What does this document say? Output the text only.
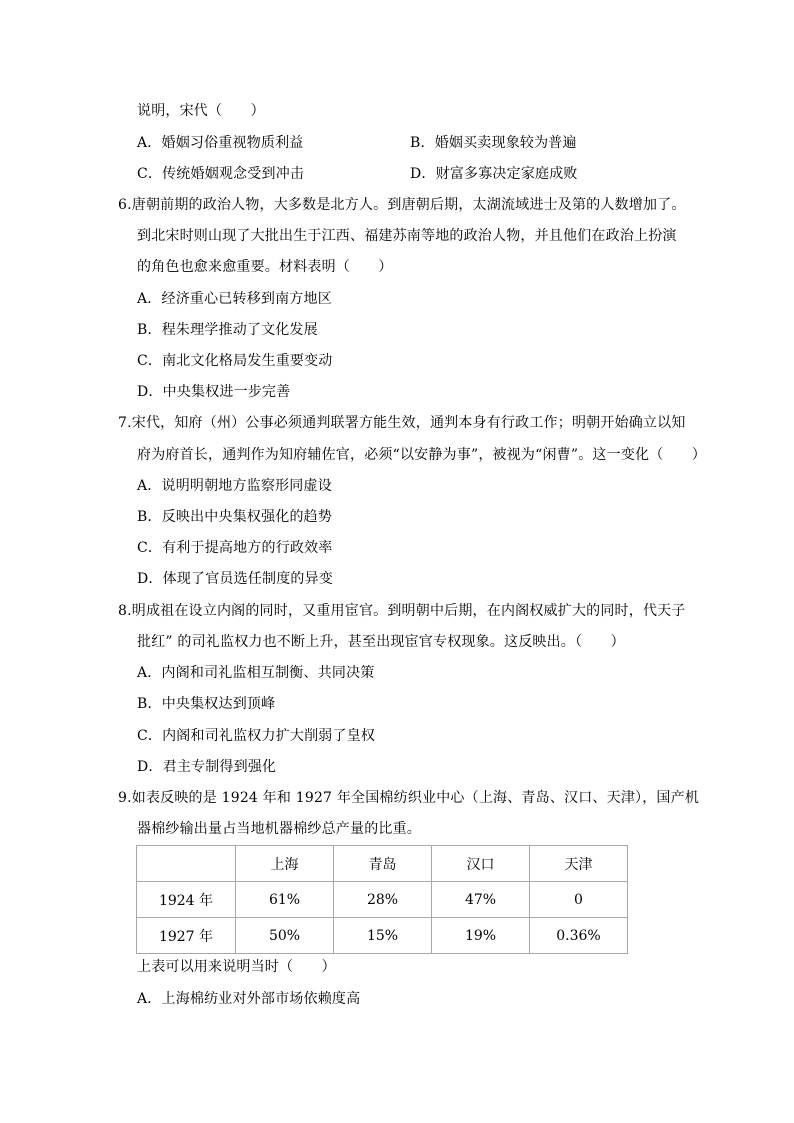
说明，宋代（　　）
A．婚姻习俗重视物质利益	B．婚姻买卖现象较为普遍
C．传统婚姻观念受到冲击	D．财富多寡决定家庭成败
6.唐朝前期的政治人物，大多数是北方人。到唐朝后期，太湖流域进士及第的人数增加了。
到北宋时则山现了大批出生于江西、福建苏南等地的政治人物，并且他们在政治上扮演
的角色也愈来愈重要。材料表明（　　）
A．经济重心已转移到南方地区
B．程朱理学推动了文化发展
C．南北文化格局发生重要变动
D．中央集权进一步完善
7.宋代，知府（州）公事必须通判联署方能生效，通判本身有行政工作；明朝开始确立以知
府为府首长，通判作为知府辅佐官，必须“以安静为事”，被视为“闲曹”。这一变化（　　）
A．说明明朝地方监察形同虚设
B．反映出中央集权强化的趋势
C．有利于提高地方的行政效率
D．体现了官员选任制度的异变
8.明成祖在设立内阁的同时，又重用宦官。到明朝中后期，在内阁权威扩大的同时，代天子
批红” 的司礼监权力也不断上升，甚至出现宦官专权现象。这反映出。（　　）
A．内阁和司礼监相互制衡、共同决策
B．中央集权达到顶峰
C．内阁和司礼监权力扩大削弱了皇权
D．君主专制得到强化
9.如表反映的是 1924 年和 1927 年全国棉纺织业中心（上海、青岛、汉口、天津），国产机
器棉纱输出量占当地机器棉纱总产量的比重。
	上海	青岛	汉口	天津
1924 年	61%	28%	47%	0
1927 年	50%	15%	19%	0.36%
上表可以用来说明当时（　　）
A．上海棉纺业对外部市场依赖度高
